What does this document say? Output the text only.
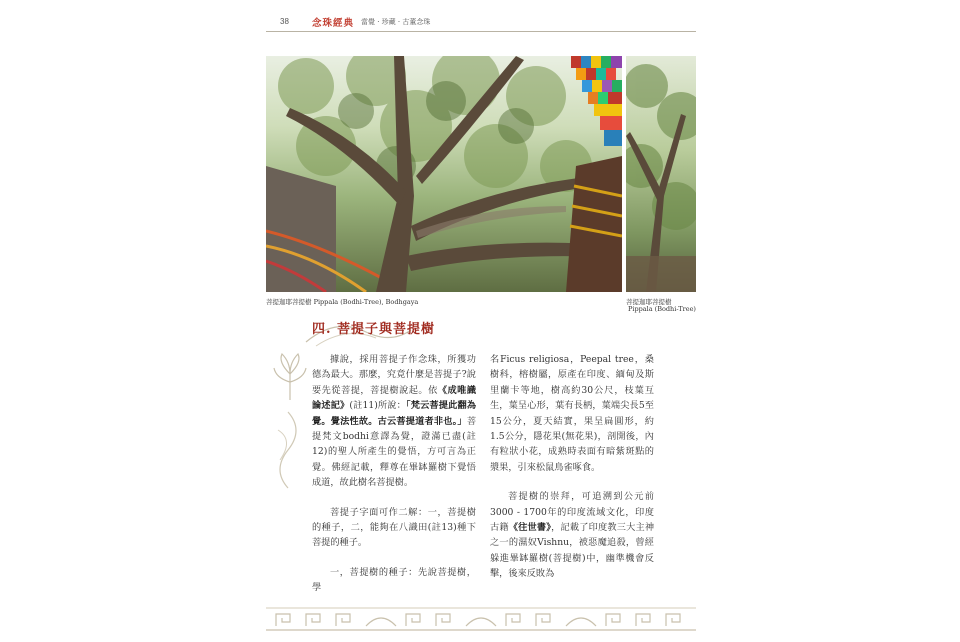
38 念珠經典 當覺 · 珍藏 · 古董念珠
菩提迦耶菩提樹 Pippala (Bodhi-Tree), Bodhgaya	菩提迦耶菩提樹
Pippala (Bodhi-Tree)
四. 菩提子與菩提樹

據說，採用菩提子作念珠，所獲功德為最大。那麼，究竟什麼是菩提子?說要先從菩提，菩提樹說起。依《成唯識論述記》(註11)所說：「梵云菩提此翻為覺。覺法性故。古云菩提道者非也。」菩提梵文bodhi意譯為覺，證滿已盡(註12)的聖人所產生的覺悟，方可言為正覺。佛經記載，釋尊在畢缽羅樹下覺悟成道，故此樹名菩提樹。

菩提子字面可作二解：一，菩提樹的種子，二，能夠在八識田(註13)種下菩提的種子。

一，菩提樹的種子：先說菩提樹，學

名Ficus religiosa，Peepal tree，桑樹科，榕樹屬，原產在印度、緬甸及斯里蘭卡等地，樹高約30公尺，枝葉互生，葉呈心形，葉有長柄，葉端尖長5至15公分，夏天結實，果呈扁圓形，約1.5公分，隱花果(無花果)，剖開後，內有粒狀小花，成熟時表面有暗紫斑點的漿果，引來松鼠鳥雀啄食。

菩提樹的崇拜，可追溯到公元前3000 - 1700年的印度流域文化，印度古籍《往世書》，記載了印度教三大主神之一的濕奴Vishnu，被惡魔追殺，曾經躲進畢缽羅樹(菩提樹)中，幽準機會反擊，後來反敗為
